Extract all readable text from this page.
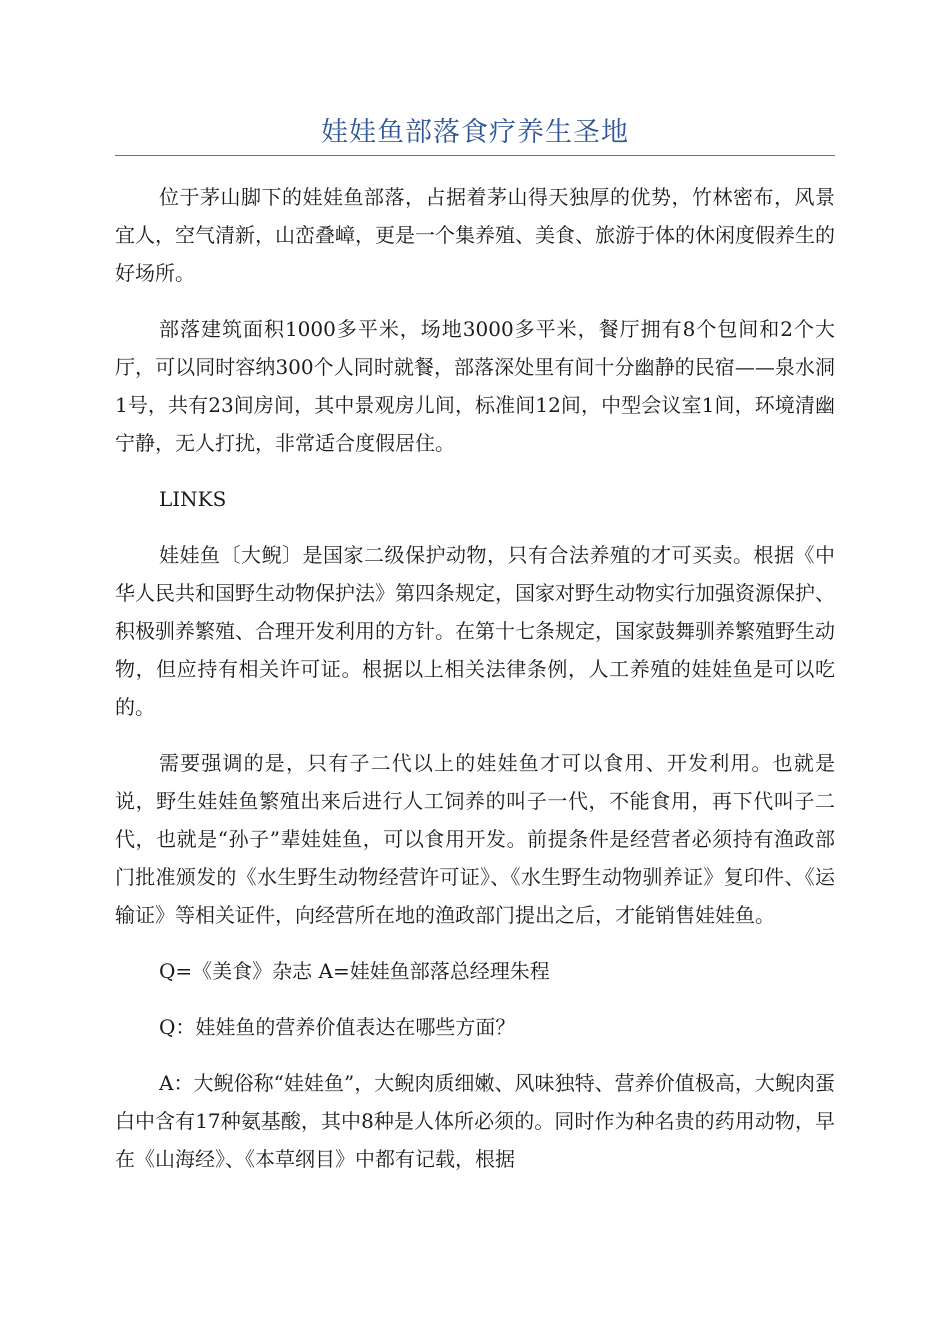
娃娃鱼部落食疗养生圣地

位于茅山脚下的娃娃鱼部落，占据着茅山得天独厚的优势，竹林密布，风景宜人，空气清新，山峦叠嶂，更是一个集养殖、美食、旅游于体的休闲度假养生的好场所。

部落建筑面积1000多平米，场地3000多平米，餐厅拥有8个包间和2个大厅，可以同时容纳300个人同时就餐，部落深处里有间十分幽静的民宿——泉水洞1号，共有23间房间，其中景观房儿间，标准间12间，中型会议室1间，环境清幽宁静，无人打扰，非常适合度假居住。

LINKS

娃娃鱼〔大鲵〕是国家二级保护动物，只有合法养殖的才可买卖。根据《中华人民共和国野生动物保护法》第四条规定，国家对野生动物实行加强资源保护、积极驯养繁殖、合理开发利用的方针。在第十七条规定，国家鼓舞驯养繁殖野生动物，但应持有相关许可证。根据以上相关法律条例，人工养殖的娃娃鱼是可以吃的。

需要强调的是，只有子二代以上的娃娃鱼才可以食用、开发利用。也就是说，野生娃娃鱼繁殖出来后进行人工饲养的叫子一代，不能食用，再下代叫子二代，也就是“孙子”辈娃娃鱼，可以食用开发。前提条件是经营者必须持有渔政部门批准颁发的《水生野生动物经营许可证》、《水生野生动物驯养证》复印件、《运输证》等相关证件，向经营所在地的渔政部门提出之后，才能销售娃娃鱼。

Q=《美食》杂志 A=娃娃鱼部落总经理朱程

Q：娃娃鱼的营养价值表达在哪些方面？

A：大鲵俗称“娃娃鱼”，大鲵肉质细嫩、风味独特、营养价值极高，大鲵肉蛋白中含有17种氨基酸，其中8种是人体所必须的。同时作为种名贵的药用动物，早在《山海经》、《本草纲目》中都有记载，根据
